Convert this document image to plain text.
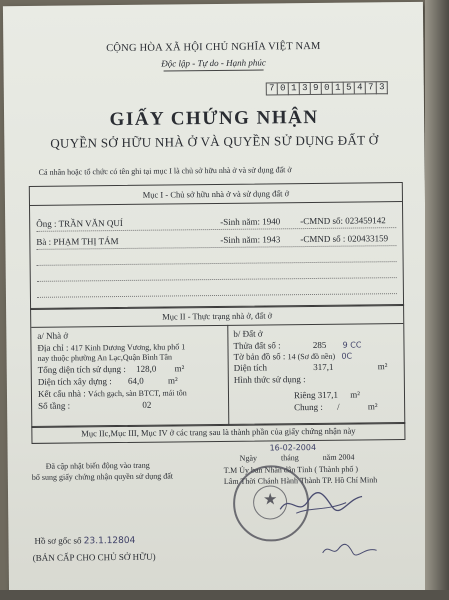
CỘNG HÒA XÃ HỘI CHỦ NGHĨA VIỆT NAM
Độc lập - Tự do - Hạnh phúc
7 0 1 3 9 0 1 5 4 7 3
GIẤY CHỨNG NHẬN
QUYỀN SỞ HỮU NHÀ Ở VÀ QUYỀN SỬ DỤNG ĐẤT Ở
Cá nhân hoặc tổ chức có tên ghi tại mục I là chủ sở hữu nhà ở và sử dụng đất ở
Mục I - Chủ sở hữu nhà ở và sử dụng đất ở
Ông : TRẦN VĂN QUÍ	-Sinh năm: 1940 -CMND số: 023459142
Bà : PHẠM THỊ TÁM	-Sinh năm: 1943 -CMND số : 020433159
Mục II - Thực trạng nhà ở, đất ở
a/ Nhà ở
Địa chỉ : 417 Kinh Dương Vương, khu phố 1
nay thuộc phường An Lạc,Quận Bình Tân
Tổng diện tích sử dụng : 128,0 m²
Diện tích xây dựng : 64,0	m²
Kết cấu nhà : Vách gạch, sàn BTCT, mái tôn
Số tầng :	02
b/ Đất ở
Thửa đất số :	285 9 CC
Tờ bản đồ số : 14 (Sơ đồ nền) 0C
Diện tích	317,1	m²
Hình thức sử dụng :
Riêng 317,1 m²
Chung : /	m²
Mục IIc,Mục III, Mục IV ở các trang sau là thành phần của giấy chứng nhận này
Đã cập nhật biến động vào trang
bổ sung giấy chứng nhận quyền sử dụng đất
16-02-2004
Ngày	tháng	năm 2004
T.M Ủy ban Nhân dân Tỉnh ( Thành phố )
Lâm Thời Chánh Hành Thành TP. Hồ Chí Minh
★
Hồ sơ gốc số 23.1.12804
(BẢN CẤP CHO CHỦ SỞ HỮU)
